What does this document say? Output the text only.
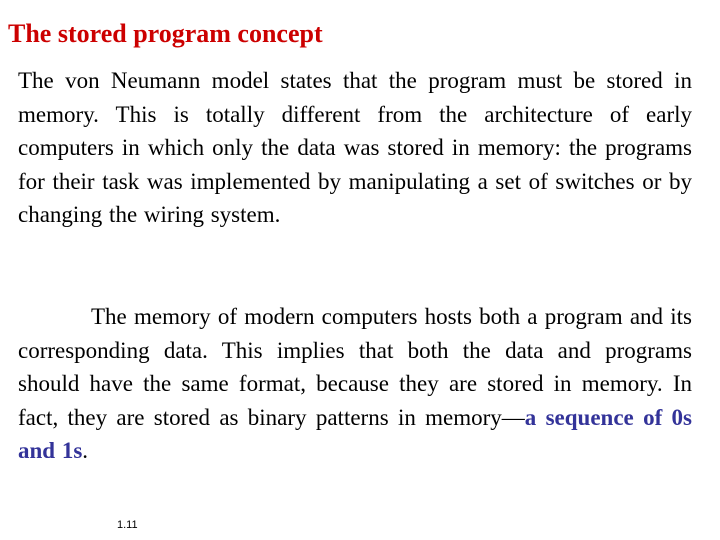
The stored program concept

The von Neumann model states that the program must be stored in memory. This is totally different from the architecture of early computers in which only the data was stored in memory: the programs for their task was implemented by manipulating a set of switches or by changing the wiring system.

The memory of modern computers hosts both a program and its corresponding data. This implies that both the data and programs should have the same format, because they are stored in memory. In fact, they are stored as binary patterns in memory—a sequence of 0s and 1s.

1.11
